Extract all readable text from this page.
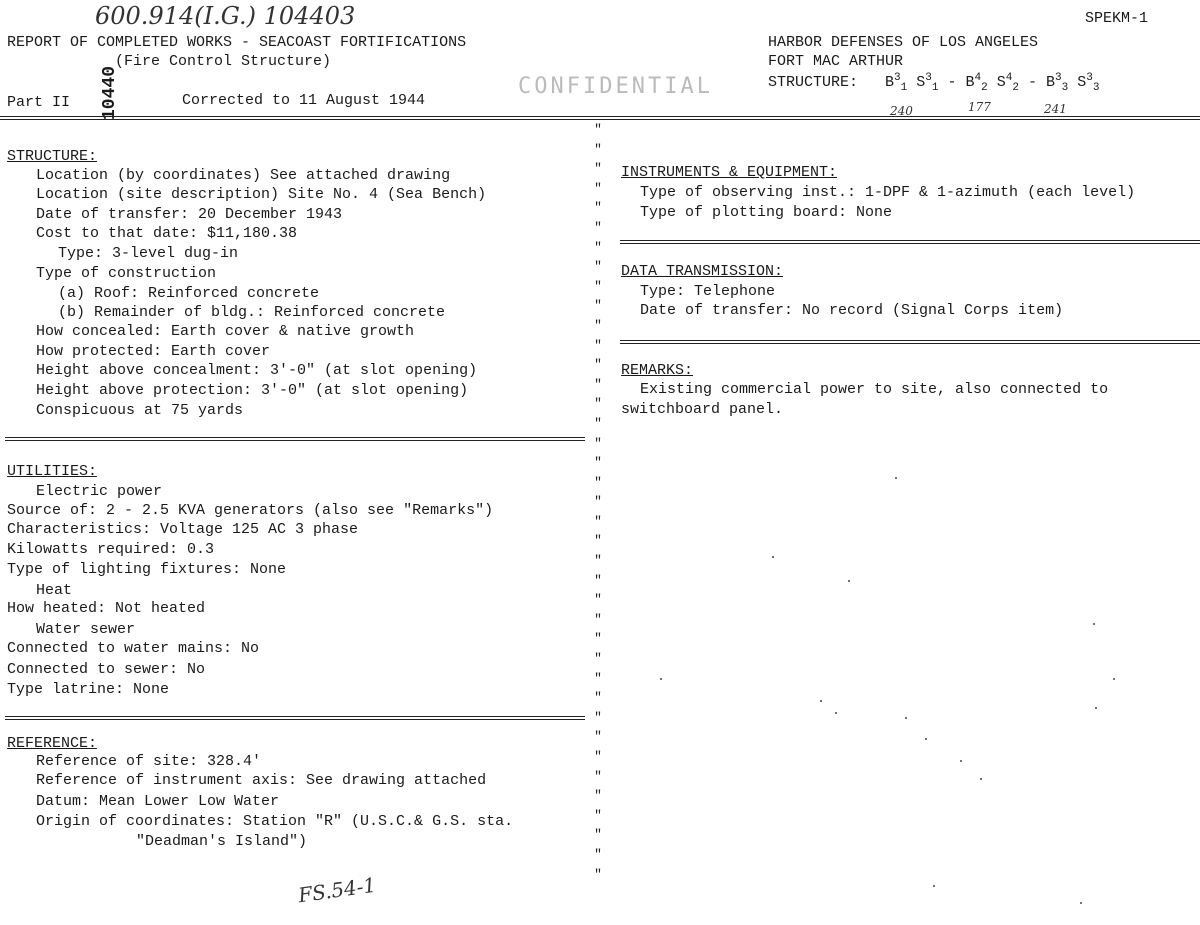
600.914(I.G.) 104403	SPEKM-1
REPORT OF COMPLETED WORKS - SEACOAST FORTIFICATIONS
(Fire Control Structure)
Part II	Corrected to 11 August 1944
CONFIDENTIAL
10440
HARBOR DEFENSES OF LOS ANGELES
FORT MAC ARTHUR
STRUCTURE:   $B^3_1$ $S^3_1 - B^4_2$ $S^4_2 - B^3_3$ $S^3_3$
240	177	241
"
"
"
"
"
"
"
"
"
"
"
"
"
"
"
"
"
"
"
"
"
"
"
"
"
"
"
"
"
"
"
"
"
"
"
"
"
"
"
STRUCTURE:
Location (by coordinates) See attached drawing
Location (site description) Site No. 4 (Sea Bench)
Date of transfer: 20 December 1943
Cost to that date: $11,180.38
Type: 3-level dug-in
Type of construction
(a) Roof: Reinforced concrete
(b) Remainder of bldg.: Reinforced concrete
How concealed: Earth cover & native growth
How protected: Earth cover
Height above concealment: 3'-0" (at slot opening)
Height above protection: 3'-0" (at slot opening)
Conspicuous at 75 yards
UTILITIES:
Electric power
Source of: 2 - 2.5 KVA generators (also see "Remarks")
Characteristics: Voltage 125 AC 3 phase
Kilowatts required: 0.3
Type of lighting fixtures: None
Heat
How heated: Not heated
Water sewer
Connected to water mains: No
Connected to sewer: No
Type latrine: None
REFERENCE:
Reference of site: 328.4'
Reference of instrument axis: See drawing attached
Datum: Mean Lower Low Water
Origin of coordinates: Station "R" (U.S.C.& G.S. sta.
"Deadman's Island")
FS.54-1
INSTRUMENTS & EQUIPMENT:
Type of observing inst.: 1-DPF & 1-azimuth (each level)
Type of plotting board: None
DATA TRANSMISSION:
Type: Telephone
Date of transfer: No record (Signal Corps item)
REMARKS:
Existing commercial power to site, also connected to
switchboard panel.
